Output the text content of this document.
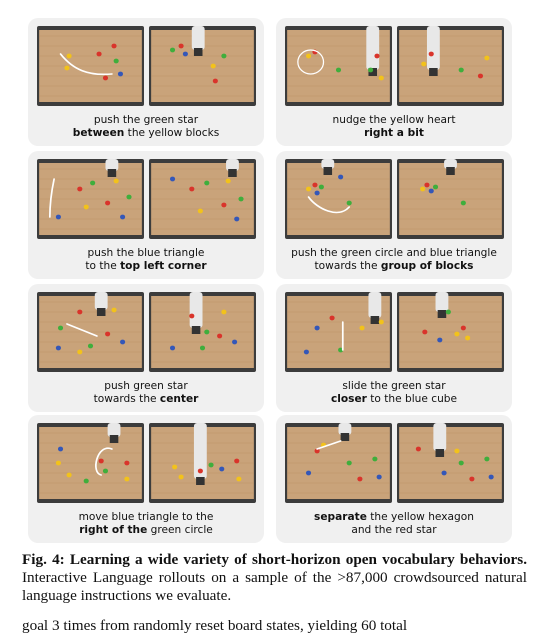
push the green star
between the yellow blocks
nudge the yellow heart
right a bit
push the blue triangle
to the top left corner
push the green circle and blue triangle
towards the group of blocks
push green star
towards the center
slide the green star
closer to the blue cube
move blue triangle to the
right of the green circle
separate the yellow hexagon
and the red star
Fig. 4: Learning a wide variety of short-horizon open vocabulary behaviors. Interactive Language rollouts on a sample of the >87,000 crowdsourced natural language instructions we evaluate.
goal 3 times from randomly reset board states, yielding 60 total
